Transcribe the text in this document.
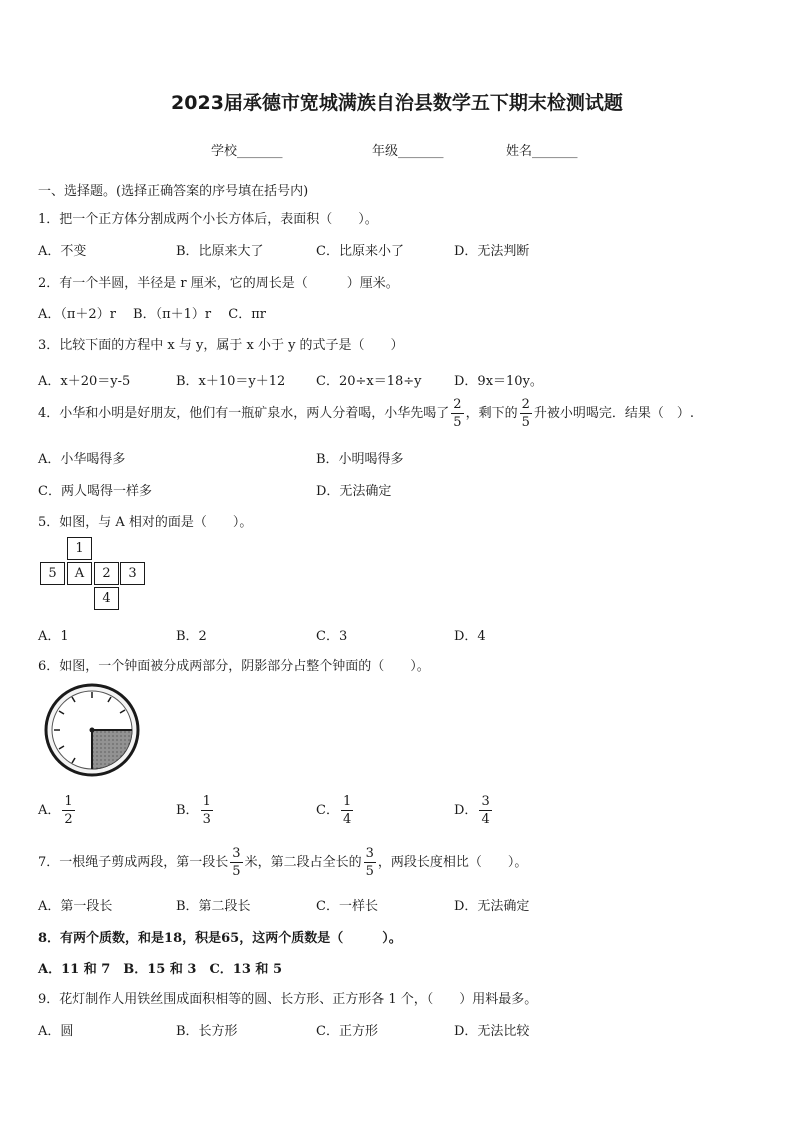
2023届承德市宽城满族自治县数学五下期末检测试题
学校_______	年级_______	姓名_______
一、选择题。(选择正确答案的序号填在括号内)
1．把一个正方体分割成两个小长方体后，表面积（　　）。
A．不变	B．比原来大了	C．比原来小了	D．无法判断
2．有一个半圆，半径是 r 厘米，它的周长是（　　　）厘米。
A．（π＋2）r　 B．（π＋1）r　 C．πr
3．比较下面的方程中 x 与 y，属于 x 小于 y 的式子是（　　）
A．x＋20＝y-5	B．x＋10＝y＋12 C．20÷x＝18÷y	D．9x＝10y。
4．小华和小明是好朋友，他们有一瓶矿泉水，两人分着喝，小华先喝了 $\frac{2}{5}$ ，剩下的 $\frac{2}{5}$ 升被小明喝完．结果（　）.
A．小华喝得多	B．小明喝得多
C．两人喝得一样多	D．无法确定
5．如图，与 A 相对的面是（　　）。
1
5	A	2	3
4
A．1	B．2	C．3	D．4
6．如图，一个钟面被分成两部分，阴影部分占整个钟面的（　　）。
A． $\frac{1}{2}$	B． $\frac{1}{3}$	C． $\frac{1}{4}$	D． $\frac{3}{4}$
7．一根绳子剪成两段，第一段长 $\frac{3}{5}$ 米，第二段占全长的 $\frac{3}{5}$ ，两段长度相比（　　）。
A．第一段长	B．第二段长	C．一样长	D．无法确定
8．有两个质数，和是18，积是65，这两个质数是（　　　）。
A．11 和 7　B．15 和 3　C．13 和 5
9．花灯制作人用铁丝围成面积相等的圆、长方形、正方形各 1 个，（　　）用料最多。
A．圆	B．长方形	C．正方形	D．无法比较
